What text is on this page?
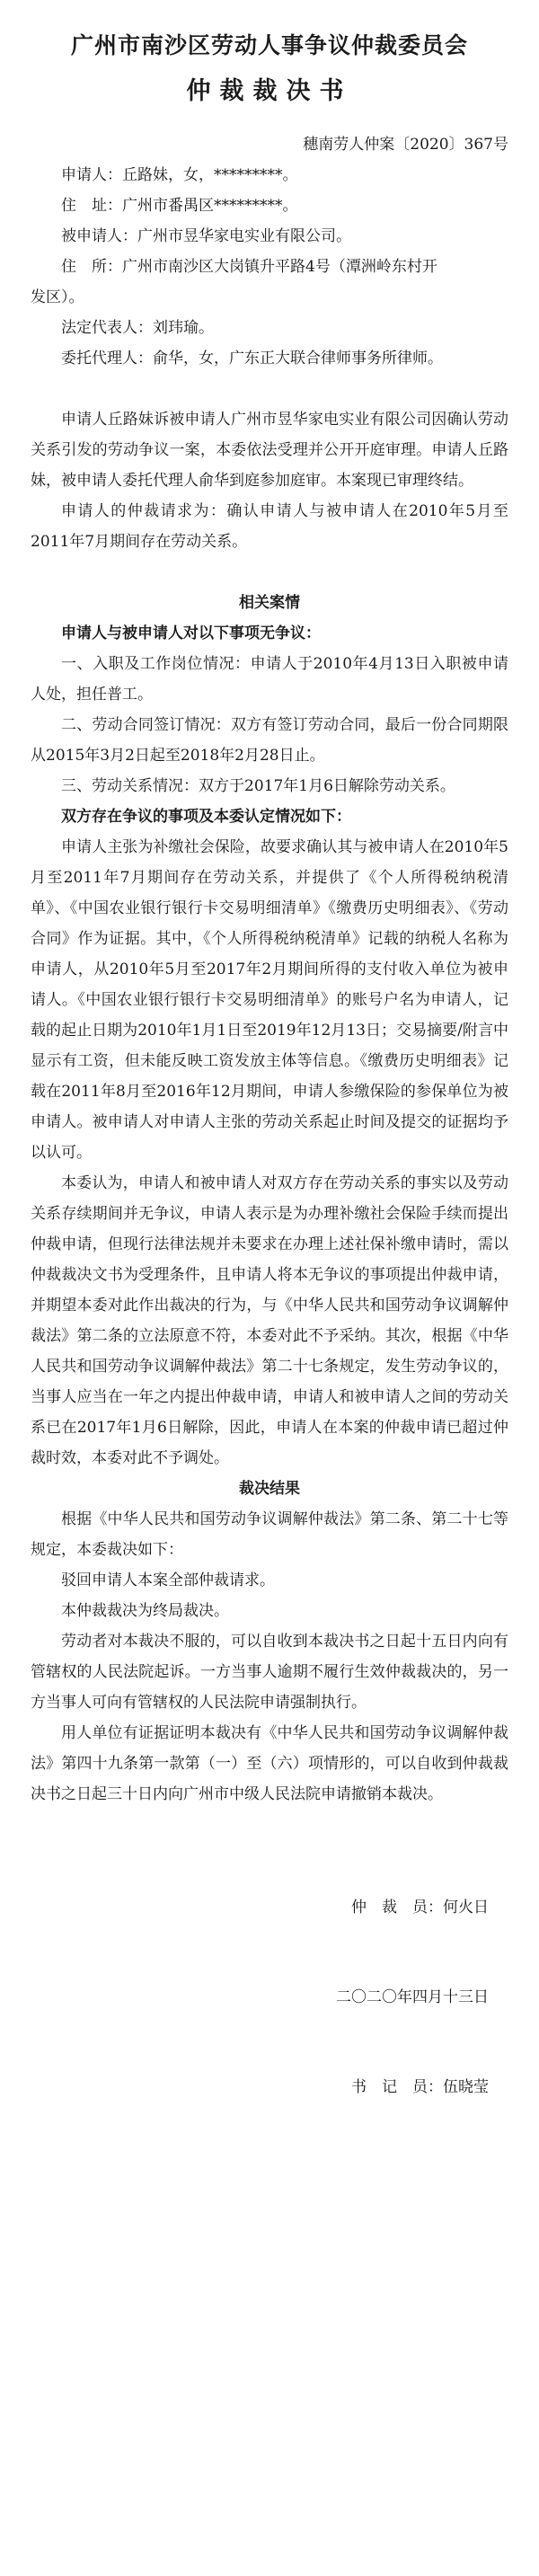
广州市南沙区劳动人事争议仲裁委员会
仲裁裁决书

穗南劳人仲案〔2020〕367号

申请人：丘路妹，女，*********。

住　址：广州市番禺区*********。

被申请人：广州市昱华家电实业有限公司。

住　所：广州市南沙区大岗镇升平路4号（潭洲岭东村开

发区）。

法定代表人：刘玮瑜。

委托代理人：俞华，女，广东正大联合律师事务所律师。

申请人丘路妹诉被申请人广州市昱华家电实业有限公司因确认劳动关系引发的劳动争议一案，本委依法受理并公开开庭审理。申请人丘路妹，被申请人委托代理人俞华到庭参加庭审。本案现已审理终结。

申请人的仲裁请求为：确认申请人与被申请人在2010年5月至2011年7月期间存在劳动关系。

相关案情

申请人与被申请人对以下事项无争议：

一、入职及工作岗位情况：申请人于2010年4月13日入职被申请人处，担任普工。

二、劳动合同签订情况：双方有签订劳动合同，最后一份合同期限从2015年3月2日起至2018年2月28日止。

三、劳动关系情况：双方于2017年1月6日解除劳动关系。

双方存在争议的事项及本委认定情况如下：

申请人主张为补缴社会保险，故要求确认其与被申请人在2010年5月至2011年7月期间存在劳动关系，并提供了《个人所得税纳税清单》、《中国农业银行银行卡交易明细清单》《缴费历史明细表》、《劳动合同》作为证据。其中，《个人所得税纳税清单》记载的纳税人名称为申请人，从2010年5月至2017年2月期间所得的支付收入单位为被申请人。《中国农业银行银行卡交易明细清单》的账号户名为申请人，记载的起止日期为2010年1月1日至2019年12月13日；交易摘要/附言中显示有工资，但未能反映工资发放主体等信息。《缴费历史明细表》记载在2011年8月至2016年12月期间，申请人参缴保险的参保单位为被申请人。被申请人对申请人主张的劳动关系起止时间及提交的证据均予以认可。

本委认为，申请人和被申请人对双方存在劳动关系的事实以及劳动关系存续期间并无争议，申请人表示是为办理补缴社会保险手续而提出仲裁申请，但现行法律法规并未要求在办理上述社保补缴申请时，需以仲裁裁决文书为受理条件，且申请人将本无争议的事项提出仲裁申请，并期望本委对此作出裁决的行为，与《中华人民共和国劳动争议调解仲裁法》第二条的立法原意不符，本委对此不予采纳。其次，根据《中华人民共和国劳动争议调解仲裁法》第二十七条规定，发生劳动争议的，当事人应当在一年之内提出仲裁申请，申请人和被申请人之间的劳动关系已在2017年1月6日解除，因此，申请人在本案的仲裁申请已超过仲裁时效，本委对此不予调处。

裁决结果

根据《中华人民共和国劳动争议调解仲裁法》第二条、第二十七等规定，本委裁决如下：

驳回申请人本案全部仲裁请求。

本仲裁裁决为终局裁决。

劳动者对本裁决不服的，可以自收到本裁决书之日起十五日内向有管辖权的人民法院起诉。一方当事人逾期不履行生效仲裁裁决的，另一方当事人可向有管辖权的人民法院申请强制执行。

用人单位有证据证明本裁决有《中华人民共和国劳动争议调解仲裁法》第四十九条第一款第（一）至（六）项情形的，可以自收到仲裁裁决书之日起三十日内向广州市中级人民法院申请撤销本裁决。

仲　裁　员：何火日

二〇二〇年四月十三日

书　记　员：伍晓莹
